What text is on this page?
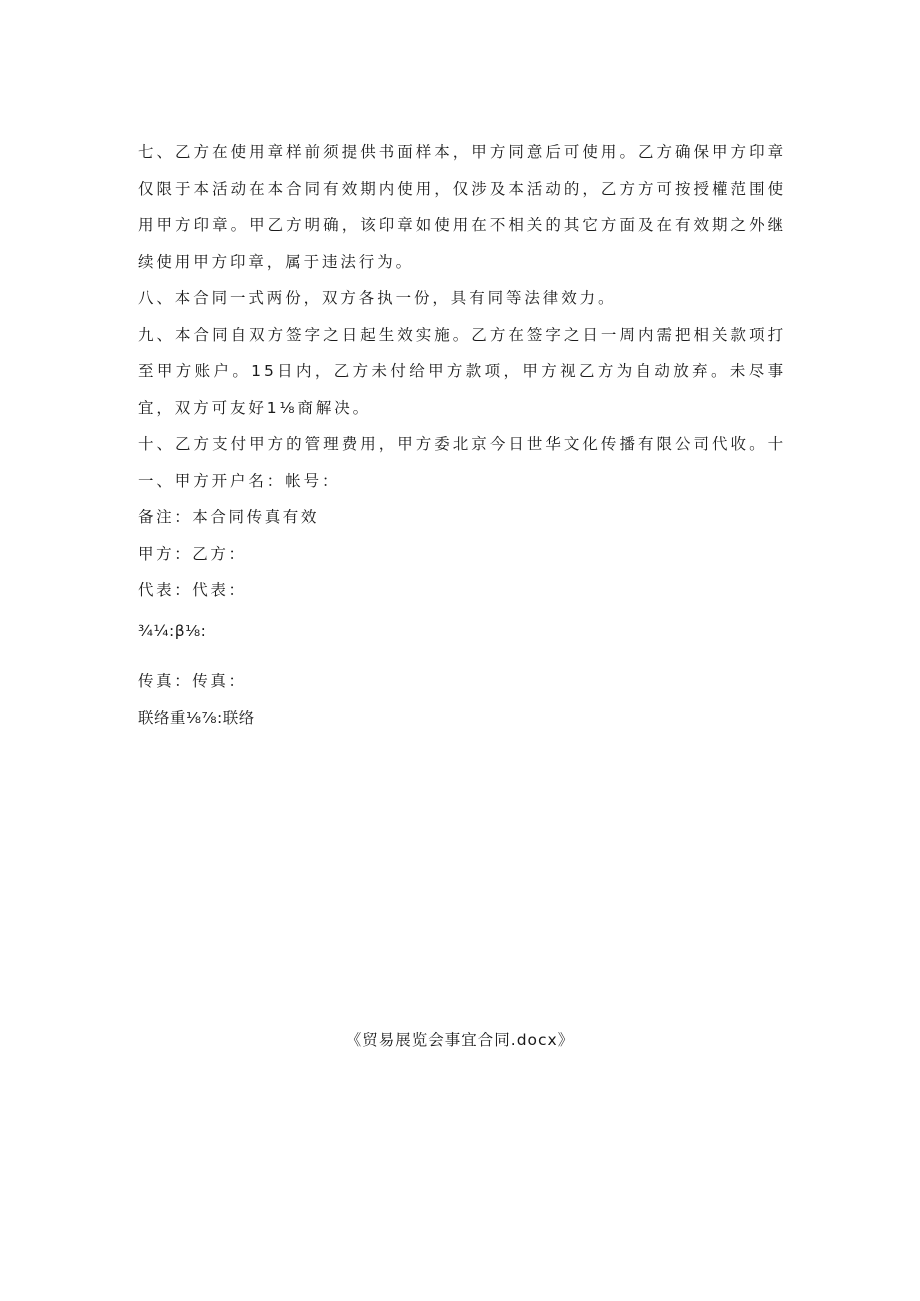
七、乙方在使用章样前须提供书面样本，甲方同意后可使用。乙方确保甲方印章仅限于本活动在本合同有效期内使用，仅涉及本活动的，乙方方可按授權范围使用甲方印章。甲乙方明确，该印章如使用在不相关的其它方面及在有效期之外继续使用甲方印章，属于违法行为。

八、本合同一式两份，双方各执一份，具有同等法律效力。

九、本合同自双方签字之日起生效实施。乙方在签字之日一周内需把相关款项打至甲方账户。15日内，乙方未付给甲方款项，甲方视乙方为自动放弃。未尽事宜，双方可友好1⅛商解决。

十、乙方支付甲方的管理费用，甲方委北京今日世华文化传播有限公司代收。十一、甲方开户名：帐号：

备注：本合同传真有效

甲方：乙方：

代表：代表：

¾¼:β⅛:

传真：传真：

联络重⅛⅞:联络

《贸易展览会事宜合同.docx》
